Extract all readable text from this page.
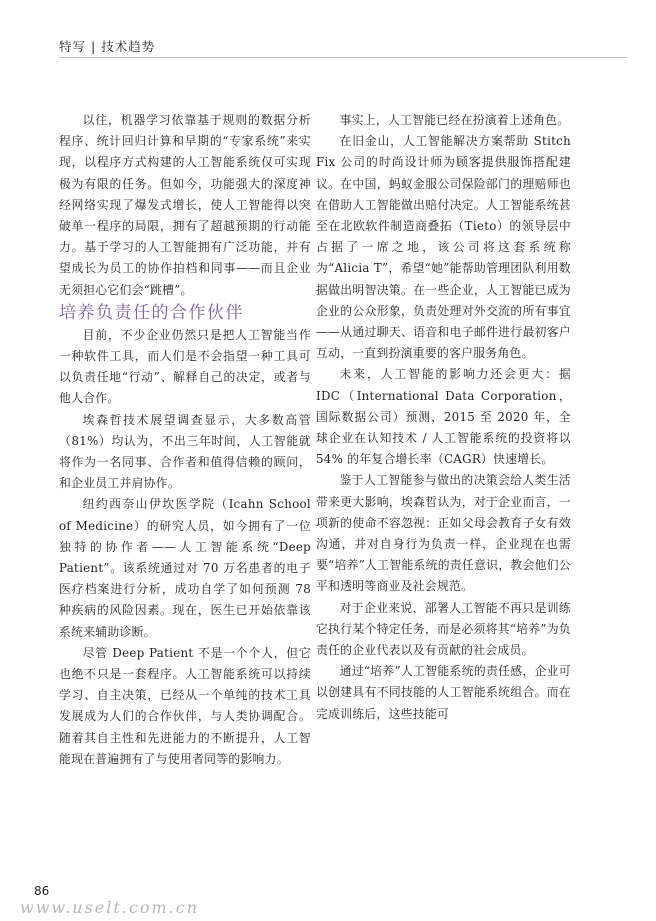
特写 | 技术趋势

以往，机器学习依靠基于规则的数据分析程序、统计回归计算和早期的“专家系统”来实现，以程序方式构建的人工智能系统仅可实现极为有限的任务。但如今，功能强大的深度神经网络实现了爆发式增长，使人工智能得以突破单一程序的局限，拥有了超越预期的行动能力。基于学习的人工智能拥有广泛功能，并有望成长为员工的协作拍档和同事——而且企业无须担心它们会“跳槽”。

培养负责任的合作伙伴

目前，不少企业仍然只是把人工智能当作一种软件工具，而人们是不会指望一种工具可以负责任地“行动”、解释自己的决定，或者与他人合作。

埃森哲技术展望调查显示，大多数高管（81%）均认为，不出三年时间，人工智能就将作为一名同事、合作者和值得信赖的顾问，和企业员工并肩协作。

纽约西奈山伊坎医学院（Icahn School of Medicine）的研究人员，如今拥有了一位独特的协作者——人工智能系统“Deep Patient”。该系统通过对 70 万名患者的电子医疗档案进行分析，成功自学了如何预测 78 种疾病的风险因素。现在，医生已开始依靠该系统来辅助诊断。

尽管 Deep Patient 不是一个个人，但它也绝不只是一套程序。人工智能系统可以持续学习、自主决策，已经从一个单纯的技术工具发展成为人们的合作伙伴，与人类协调配合。随着其自主性和先进能力的不断提升，人工智能现在普遍拥有了与使用者同等的影响力。

事实上，人工智能已经在扮演着上述角色。

在旧金山，人工智能解决方案帮助 Stitch Fix 公司的时尚设计师为顾客提供服饰搭配建议。在中国，蚂蚁金服公司保险部门的理赔师也在借助人工智能做出赔付决定。人工智能系统甚至在北欧软件制造商叠拓（Tieto）的领导层中占据了一席之地，该公司将这套系统称为“Alicia T”，希望“她”能帮助管理团队利用数据做出明智决策。在一些企业，人工智能已成为企业的公众形象，负责处理对外交流的所有事宜——从通过聊天、语音和电子邮件进行最初客户互动，一直到扮演重要的客户服务角色。

未来，人工智能的影响力还会更大：据 IDC（International Data Corporation，国际数据公司）预测，2015 至 2020 年，全球企业在认知技术 / 人工智能系统的投资将以 54% 的年复合增长率（CAGR）快速增长。

鉴于人工智能参与做出的决策会给人类生活带来更大影响，埃森哲认为，对于企业而言，一项新的使命不容忽视：正如父母会教育子女有效沟通，并对自身行为负责一样，企业现在也需要“培养”人工智能系统的责任意识，教会他们公平和透明等商业及社会规范。

对于企业来说，部署人工智能不再只是训练它执行某个特定任务，而是必须将其“培养”为负责任的企业代表以及有贡献的社会成员。

通过“培养”人工智能系统的责任感，企业可以创建具有不同技能的人工智能系统组合。而在完成训练后，这些技能可

86
www.uselt.com.cn
